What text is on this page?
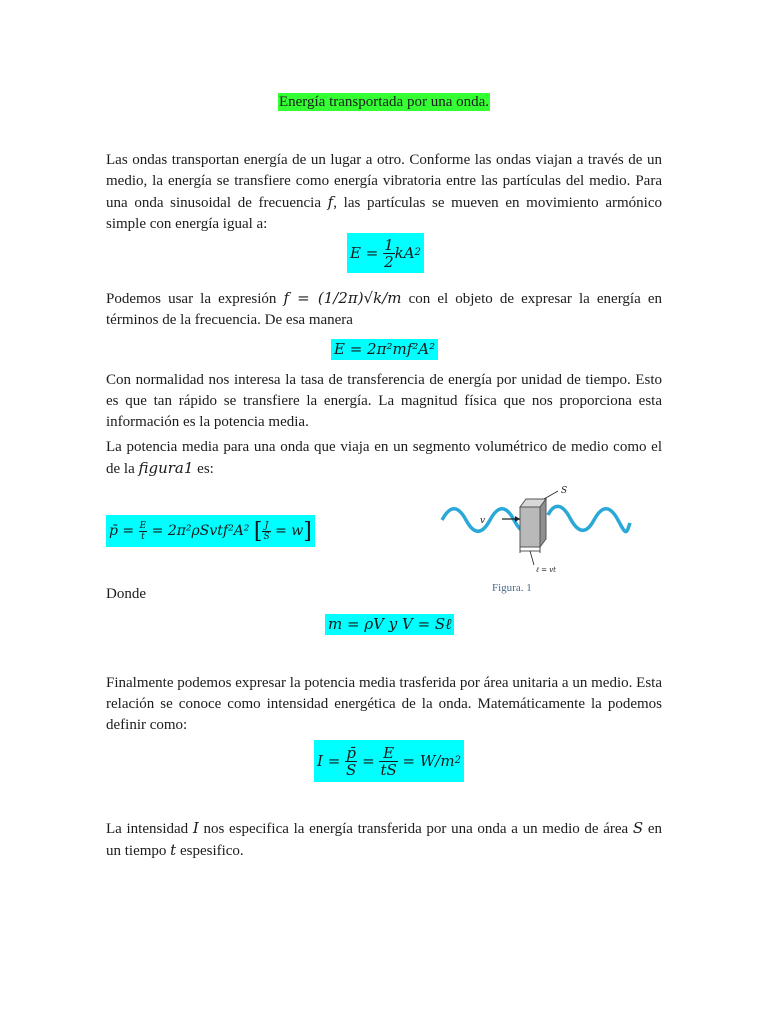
Energía transportada por una onda.
Las ondas transportan energía de un lugar a otro. Conforme las ondas viajan a través de un medio, la energía se transfiere como energía vibratoria entre las partículas del medio. Para una onda sinusoidal de frecuencia f, las partículas se mueven en movimiento armónico simple con energía igual a:
E =
$\frac{1}{2}$ kA 2
Podemos usar la expresión f = (1/2π)√k/m con el objeto de expresar la energía en términos de la frecuencia. De esa manera
E = 2π²mf²A²
Con normalidad nos interesa la tasa de transferencia de energía por unidad de tiempo. Esto es que tan rápido se transfiere la energía. La magnitud física que nos proporciona esta información es la potencia media.
La potencia media para una onda que viaja en un segmento volumétrico de medio como el de la figura1 es:
p̄ =
$\frac{E}{t}$
= 2π²ρSvtf²A²
[ $\frac{J}{S}$
= w ]
S
v
ℓ = vt
Figura. 1
Donde
m = ρV y V = Sℓ
Finalmente podemos expresar la potencia media trasferida por área unitaria a un medio. Esta relación se conoce como intensidad energética de la onda. Matemáticamente la podemos definir como:
I =
$\frac{p̄}{S} = \frac{E}{tS}$
= W/m 2
La intensidad I nos especifica la energía transferida por una onda a un medio de área S en un tiempo t espesifico.
